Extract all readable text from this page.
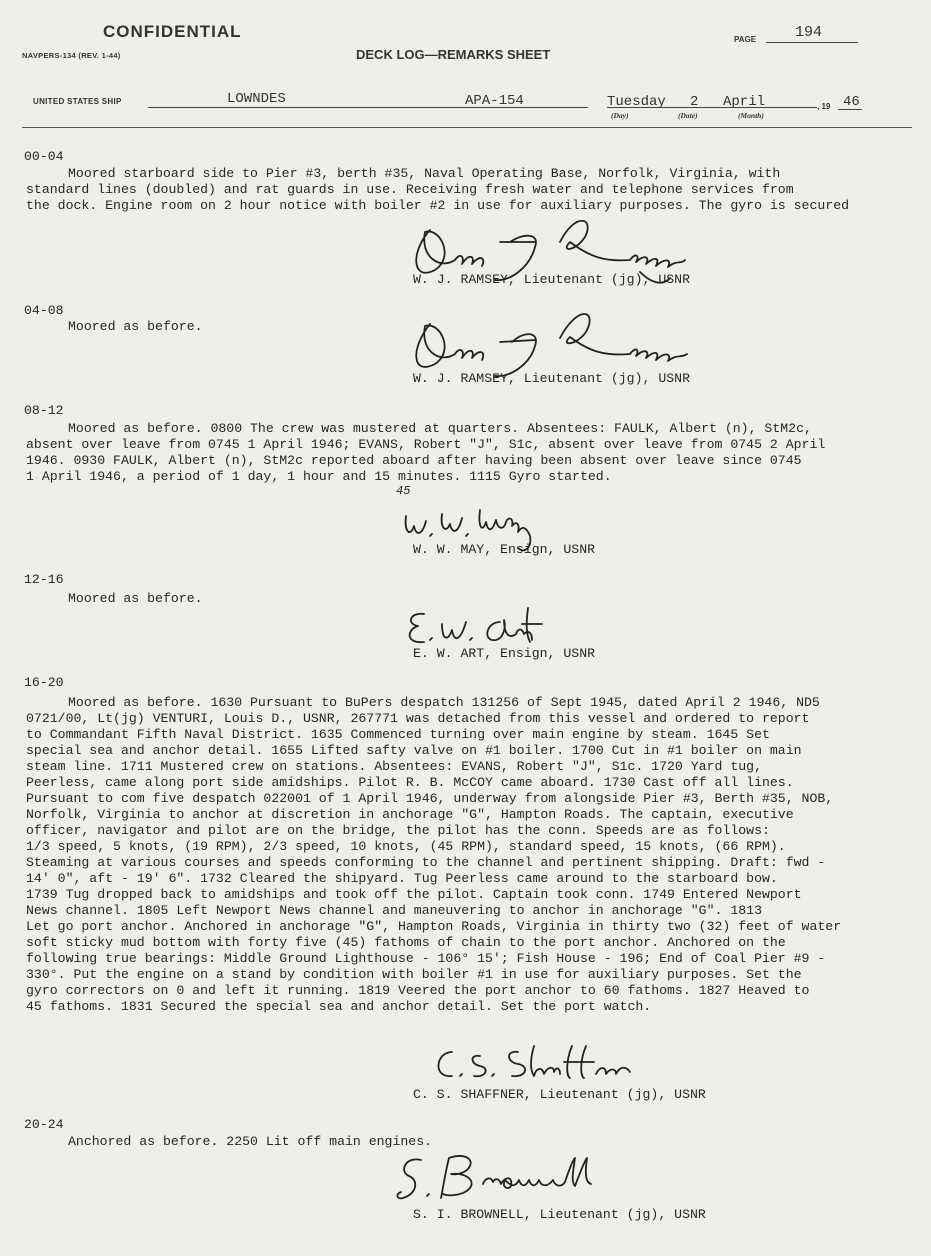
CONFIDENTIAL
NAVPERS-134 (REV. 1-44)	DECK LOG—REMARKS SHEET
PAGE	194
UNITED STATES SHIP	LOWNDES	APA-154	Tuesday 2 April
(Day)	(Date)	(Month)
, 19 46
00-04
Moored starboard side to Pier #3, berth #35, Naval Operating Base, Norfolk, Virginia, with
standard lines (doubled) and rat guards in use. Receiving fresh water and telephone services from
the dock. Engine room on 2 hour notice with boiler #2 in use for auxiliary purposes. The gyro is secured
W. J. RAMSEY, Lieutenant (jg), USNR
04-08
Moored as before.
W. J. RAMSEY, Lieutenant (jg), USNR
08-12
Moored as before. 0800 The crew was mustered at quarters. Absentees: FAULK, Albert (n), StM2c,
absent over leave from 0745 1 April 1946; EVANS, Robert "J", S1c, absent over leave from 0745 2 April
1946. 0930 FAULK, Albert (n), StM2c reported aboard after having been absent over leave since 0745
1 April 1946, a period of 1 day, 1 hour and 15 minutes. 1115 Gyro started.
45
W. W. MAY, Ensign, USNR
12-16
Moored as before.
E. W. ART, Ensign, USNR
16-20
Moored as before. 1630 Pursuant to BuPers despatch 131256 of Sept 1945, dated April 2 1946, ND5
0721/00, Lt(jg) VENTURI, Louis D., USNR, 267771 was detached from this vessel and ordered to report
to Commandant Fifth Naval District. 1635 Commenced turning over main engine by steam. 1645 Set
special sea and anchor detail. 1655 Lifted safty valve on #1 boiler. 1700 Cut in #1 boiler on main
steam line. 1711 Mustered crew on stations. Absentees: EVANS, Robert "J", S1c. 1720 Yard tug,
Peerless, came along port side amidships. Pilot R. B. McCOY came aboard. 1730 Cast off all lines.
Pursuant to com five despatch 022001 of 1 April 1946, underway from alongside Pier #3, Berth #35, NOB,
Norfolk, Virginia to anchor at discretion in anchorage "G", Hampton Roads. The captain, executive
officer, navigator and pilot are on the bridge, the pilot has the conn. Speeds are as follows:
1/3 speed, 5 knots, (19 RPM), 2/3 speed, 10 knots, (45 RPM), standard speed, 15 knots, (66 RPM).
Steaming at various courses and speeds conforming to the channel and pertinent shipping. Draft: fwd -
14' 0", aft - 19' 6". 1732 Cleared the shipyard. Tug Peerless came around to the starboard bow.
1739 Tug dropped back to amidships and took off the pilot. Captain took conn. 1749 Entered Newport
News channel. 1805 Left Newport News channel and maneuvering to anchor in anchorage "G". 1813
Let go port anchor. Anchored in anchorage "G", Hampton Roads, Virginia in thirty two (32) feet of water
soft sticky mud bottom with forty five (45) fathoms of chain to the port anchor. Anchored on the
following true bearings: Middle Ground Lighthouse - 106° 15'; Fish House - 196; End of Coal Pier #9 -
330°. Put the engine on a stand by condition with boiler #1 in use for auxiliary purposes. Set the
gyro correctors on 0 and left it running. 1819 Veered the port anchor to 60 fathoms. 1827 Heaved to
45 fathoms. 1831 Secured the special sea and anchor detail. Set the port watch.
C. S. SHAFFNER, Lieutenant (jg), USNR
20-24
Anchored as before. 2250 Lit off main engines.
S. I. BROWNELL, Lieutenant (jg), USNR
